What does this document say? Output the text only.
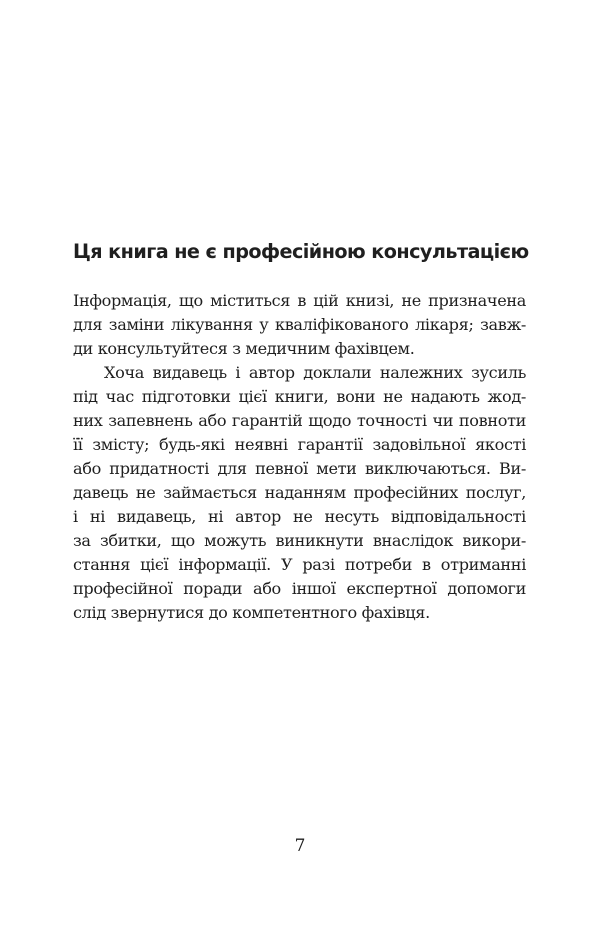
Ця книга не є професійною консультацією

Інформація, що міститься в цій книзі, не призначена

для заміни лікування у кваліфікованого лікаря; завж-

ди консультуйтеся з медичним фахівцем.

Хоча видавець і автор доклали належних зусиль

під час підготовки цієї книги, вони не надають жод-

них запевнень або гарантій щодо точності чи повноти

її змісту; будь-які неявні гарантії задовільної якості

або придатності для певної мети виключаються. Ви-

давець не займається наданням професійних послуг,

і ні видавець, ні автор не несуть відповідальності

за збитки, що можуть виникнути внаслідок викори-

стання цієї інформації. У разі потреби в отриманні

професійної поради або іншої експертної допомоги

слід звернутися до компетентного фахівця.

7
